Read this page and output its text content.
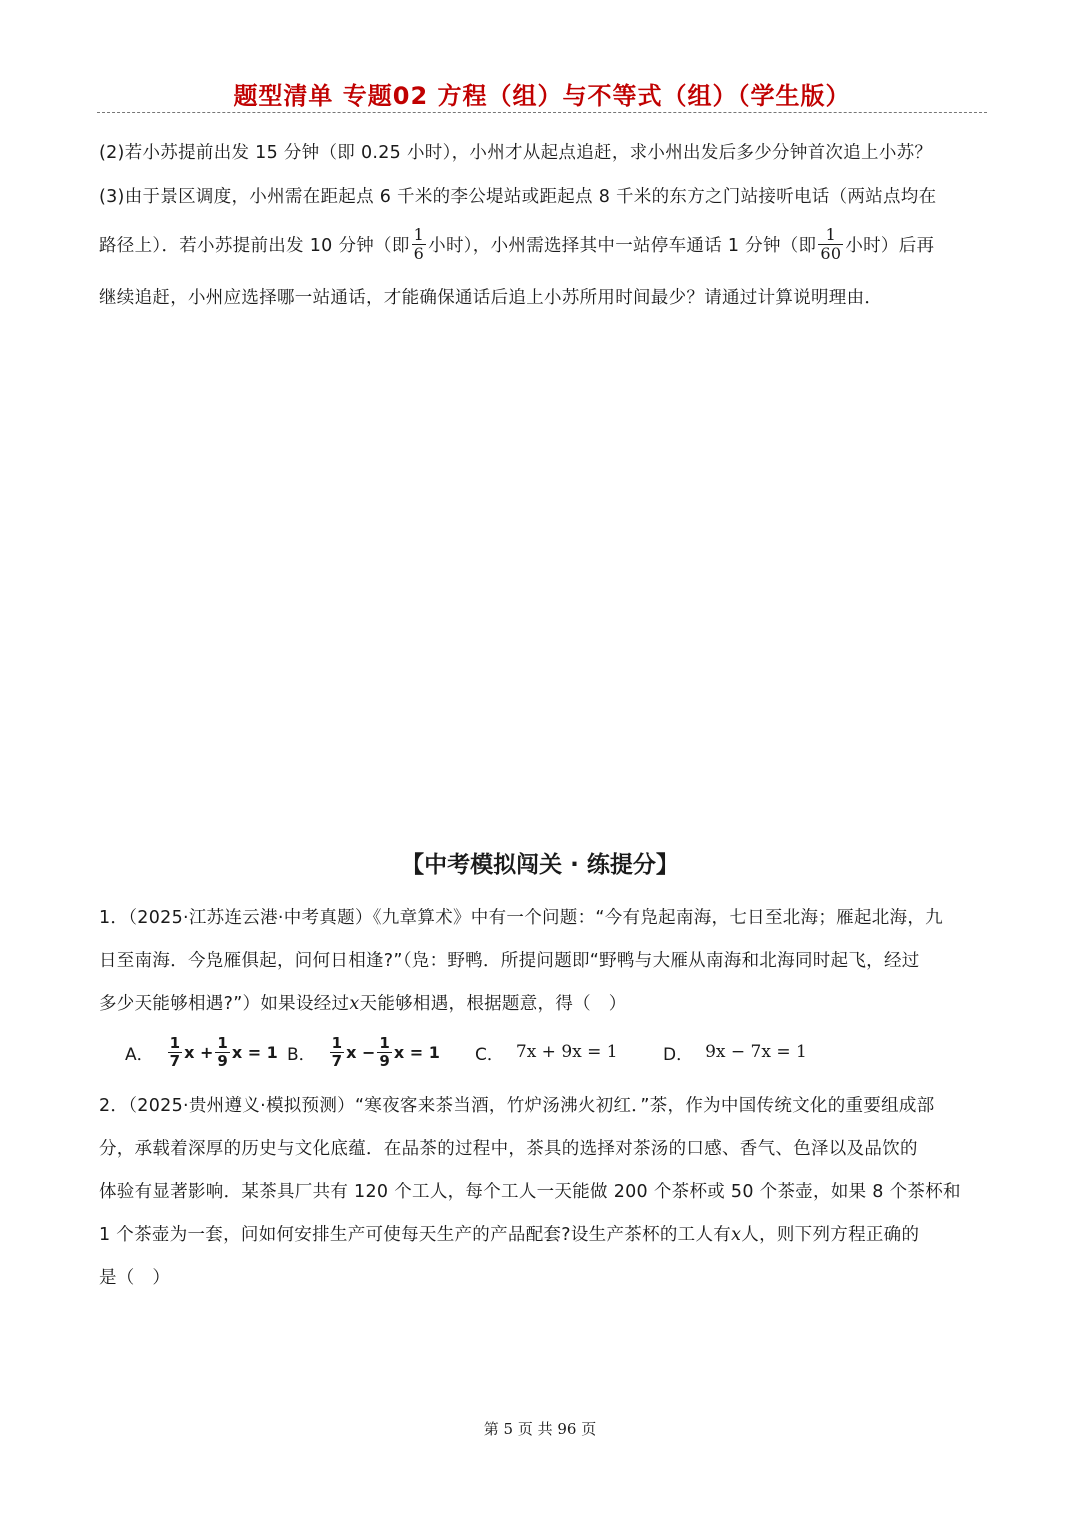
题型清单 专题02 方程（组）与不等式（组）（学生版）
(2)若小苏提前出发 15 分钟（即 0.25 小时），小州才从起点追赶，求小州出发后多少分钟首次追上小苏？
(3)由于景区调度，小州需在距起点 6 千米的李公堤站或距起点 8 千米的东方之门站接听电话（两站点均在
路径上）．若小苏提前出发 10 分钟（即 $\frac{1}{6}$ 小时），小州需选择其中一站停车通话 1 分钟（即 $\frac{1}{60}$ 小时）后再
继续追赶，小州应选择哪一站通话，才能确保通话后追上小苏所用时间最少？请通过计算说明理由．
【中考模拟闯关 · 练提分】
1．（2025·江苏连云港·中考真题）《九章算术》中有一个问题：“今有凫起南海，七日至北海；雁起北海，九
日至南海．今凫雁俱起，问何日相逢?”（凫：野鸭．所提问题即“野鸭与大雁从南海和北海同时起飞，经过
多少天能够相遇?”）如果设经过x天能够相遇，根据题意，得（　）
A． $\frac{1}{7}$ $x + \frac{1}{9}$ x = 1 B． $\frac{1}{7}$ $x - \frac{1}{9}$ x = 1 C． 7x + 9x = 1	D． 9x − 7x = 1
2．（2025·贵州遵义·模拟预测）“寒夜客来茶当酒，竹炉汤沸火初红．”茶，作为中国传统文化的重要组成部
分，承载着深厚的历史与文化底蕴．在品茶的过程中，茶具的选择对茶汤的口感、香气、色泽以及品饮的
体验有显著影响．某茶具厂共有 120 个工人，每个工人一天能做 200 个茶杯或 50 个茶壶，如果 8 个茶杯和
1 个茶壶为一套，问如何安排生产可使每天生产的产品配套?设生产茶杯的工人有x人，则下列方程正确的
是（　）
第 5 页 共 96 页
